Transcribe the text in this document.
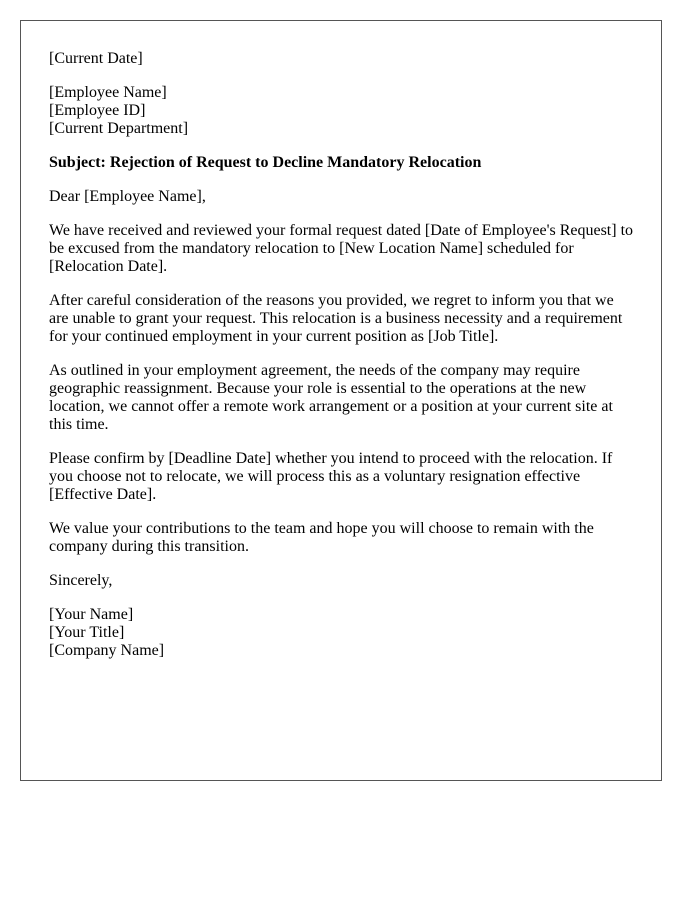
[Current Date]

[Employee Name]
[Employee ID]
[Current Department]

Subject: Rejection of Request to Decline Mandatory Relocation

Dear [Employee Name],

We have received and reviewed your formal request dated [Date of Employee's Request] to be excused from the mandatory relocation to [New Location Name] scheduled for [Relocation Date].

After careful consideration of the reasons you provided, we regret to inform you that we are unable to grant your request. This relocation is a business necessity and a requirement for your continued employment in your current position as [Job Title].

As outlined in your employment agreement, the needs of the company may require geographic reassignment. Because your role is essential to the operations at the new location, we cannot offer a remote work arrangement or a position at your current site at this time.

Please confirm by [Deadline Date] whether you intend to proceed with the relocation. If you choose not to relocate, we will process this as a voluntary resignation effective [Effective Date].

We value your contributions to the team and hope you will choose to remain with the company during this transition.

Sincerely,

[Your Name]
[Your Title]
[Company Name]
